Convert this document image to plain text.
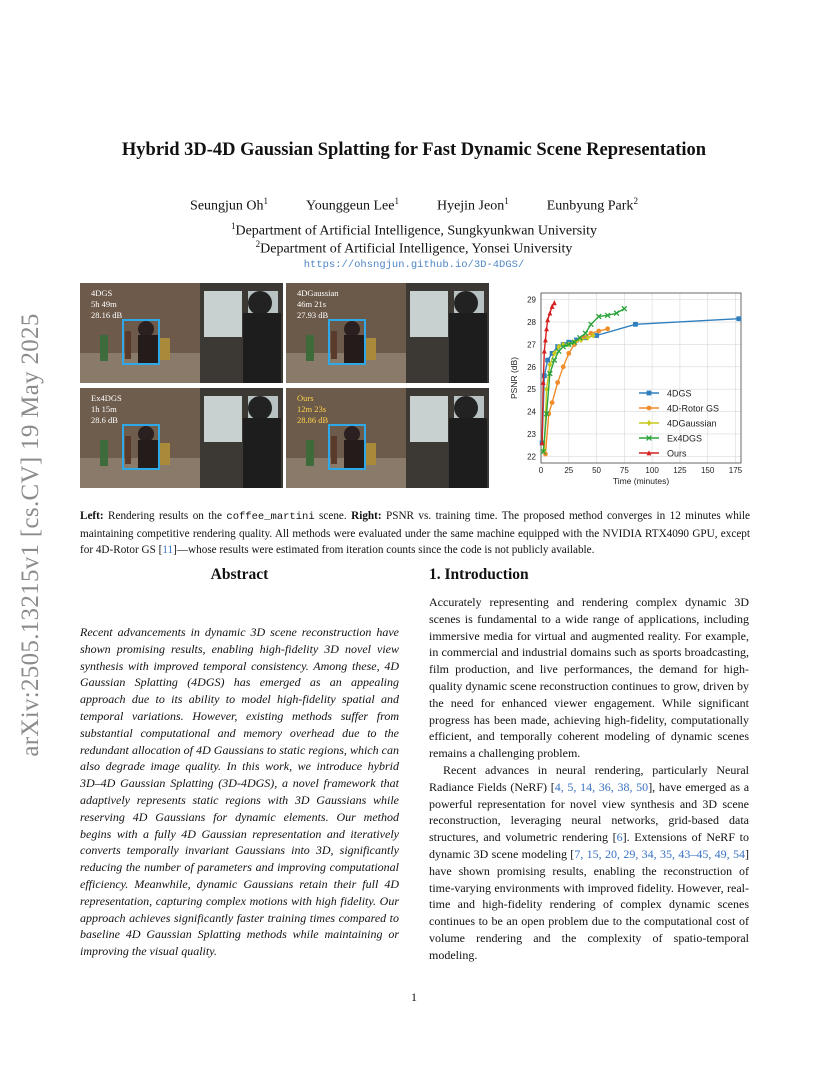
arXiv:2505.13215v1 [cs.CV] 19 May 2025
Hybrid 3D-4D Gaussian Splatting for Fast Dynamic Scene Representation
Seungjun Oh$^1$	Younggeun Lee$^1$	Hyejin Jeon$^1$	Eunbyung Park$^2$
$^1$Department of Artificial Intelligence, Sungkyunkwan University
$^2$Department of Artificial Intelligence, Yonsei University
https://ohsngjun.github.io/3D-4DGS/
4DGS
5h 49m
28.16 dB
4DGaussian
46m 21s
27.93 dB
Ex4DGS
1h 15m
28.6 dB
Ours
12m 23s
28.86 dB
22
23
24
25
26
27
28
29
0	25 50 75 100 125 150 175
Time (minutes)
PSNR (dB)	4DGS
4D-Rotor GS
4DGaussian
Ex4DGS
Ours
Left: Rendering results on the coffee_martini scene. Right: PSNR vs. training time. The proposed method converges in 12 minutes while maintaining competitive rendering quality. All methods were evaluated under the same machine equipped with the NVIDIA RTX4090 GPU, except for 4D-Rotor GS [11]—whose results were estimated from iteration counts since the code is not publicly available.
Abstract	1. Introduction
Recent advancements in dynamic 3D scene reconstruction have shown promising results, enabling high-fidelity 3D novel view synthesis with improved temporal consistency. Among these, 4D Gaussian Splatting (4DGS) has emerged as an appealing approach due to its ability to model high-fidelity spatial and temporal variations. However, existing methods suffer from substantial computational and memory overhead due to the redundant allocation of 4D Gaussians to static regions, which can also degrade image quality. In this work, we introduce hybrid 3D–4D Gaussian Splatting (3D-4DGS), a novel framework that adaptively represents static regions with 3D Gaussians while reserving 4D Gaussians for dynamic elements. Our method begins with a fully 4D Gaussian representation and iteratively converts temporally invariant Gaussians into 3D, significantly reducing the number of parameters and improving computational efficiency. Meanwhile, dynamic Gaussians retain their full 4D representation, capturing complex motions with high fidelity. Our approach achieves significantly faster training times compared to baseline 4D Gaussian Splatting methods while maintaining or improving the visual quality.

Accurately representing and rendering complex dynamic 3D scenes is fundamental to a wide range of applications, including immersive media for virtual and augmented reality. For example, in commercial and industrial domains such as sports broadcasting, film production, and live performances, the demand for high-quality dynamic scene reconstruction continues to grow, driven by the need for enhanced viewer engagement. While significant progress has been made, achieving high-fidelity, computationally efficient, and temporally coherent modeling of dynamic scenes remains a challenging problem.

Recent advances in neural rendering, particularly Neural Radiance Fields (NeRF) [4, 5, 14, 36, 38, 50], have emerged as a powerful representation for novel view synthesis and 3D scene reconstruction, leveraging neural networks, grid-based data structures, and volumetric rendering [6]. Extensions of NeRF to dynamic 3D scene modeling [7, 15, 20, 29, 34, 35, 43–45, 49, 54] have shown promising results, enabling the reconstruction of time-varying environments with improved fidelity. However, real-time and high-fidelity rendering of complex dynamic scenes continues to be an open problem due to the computational cost of volume rendering and the complexity of spatio-temporal modeling.

1
